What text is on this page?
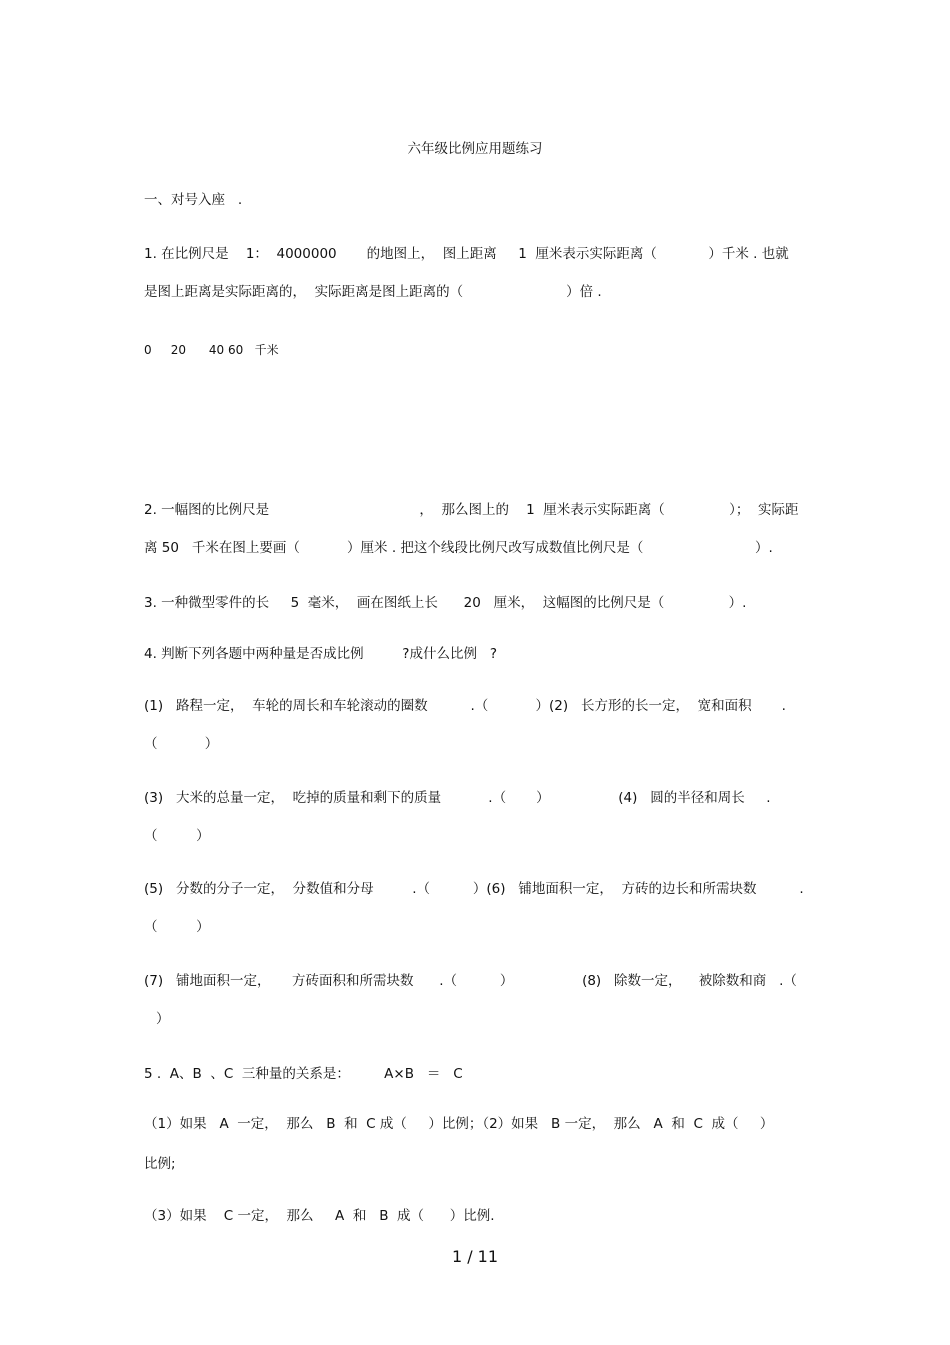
六年级比例应用题练习
一、对号入座   .
1. 在比例尺是    1：  4000000       的地图上，  图上距离     1  厘米表示实际距离（            ）千米 . 也就
是图上距离是实际距离的，  实际距离是图上距离的（                        ）倍 .
0     20      40 60   千米
2. 一幅图的比例尺是                                   ，  那么图上的    1  厘米表示实际距离（               ）；  实际距
离 50   千米在图上要画（           ）厘米 . 把这个线段比例尺改写成数值比例尺是（                          ）.
3. 一种微型零件的长     5  毫米，  画在图纸上长      20   厘米，  这幅图的比例尺是（               ）.
4. 判断下列各题中两种量是否成比例         ?成什么比例   ?
(1)   路程一定，  车轮的周长和车轮滚动的圈数          .（           ）(2)   长方形的长一定，  宽和面积       .
（           ）
(3)   大米的总量一定，  吃掉的质量和剩下的质量           .（       ）                (4)   圆的半径和周长     .
（         ）
(5)   分数的分子一定，  分数值和分母         .（          ）(6)   铺地面积一定，  方砖的边长和所需块数          .
（         ）
(7)   铺地面积一定，     方砖面积和所需块数      .（          ）                (8)   除数一定，    被除数和商   .（
）
5 .  A、B  、C  三种量的关系是：        A×B   ＝   C
（1）如果   A  一定，  那么   B  和  C 成（     ）比例；（2）如果   B 一定，  那么   A  和  C  成（     ）
比例;
（3）如果    C 一定，  那么     A  和   B  成（      ）比例.
1 / 11
